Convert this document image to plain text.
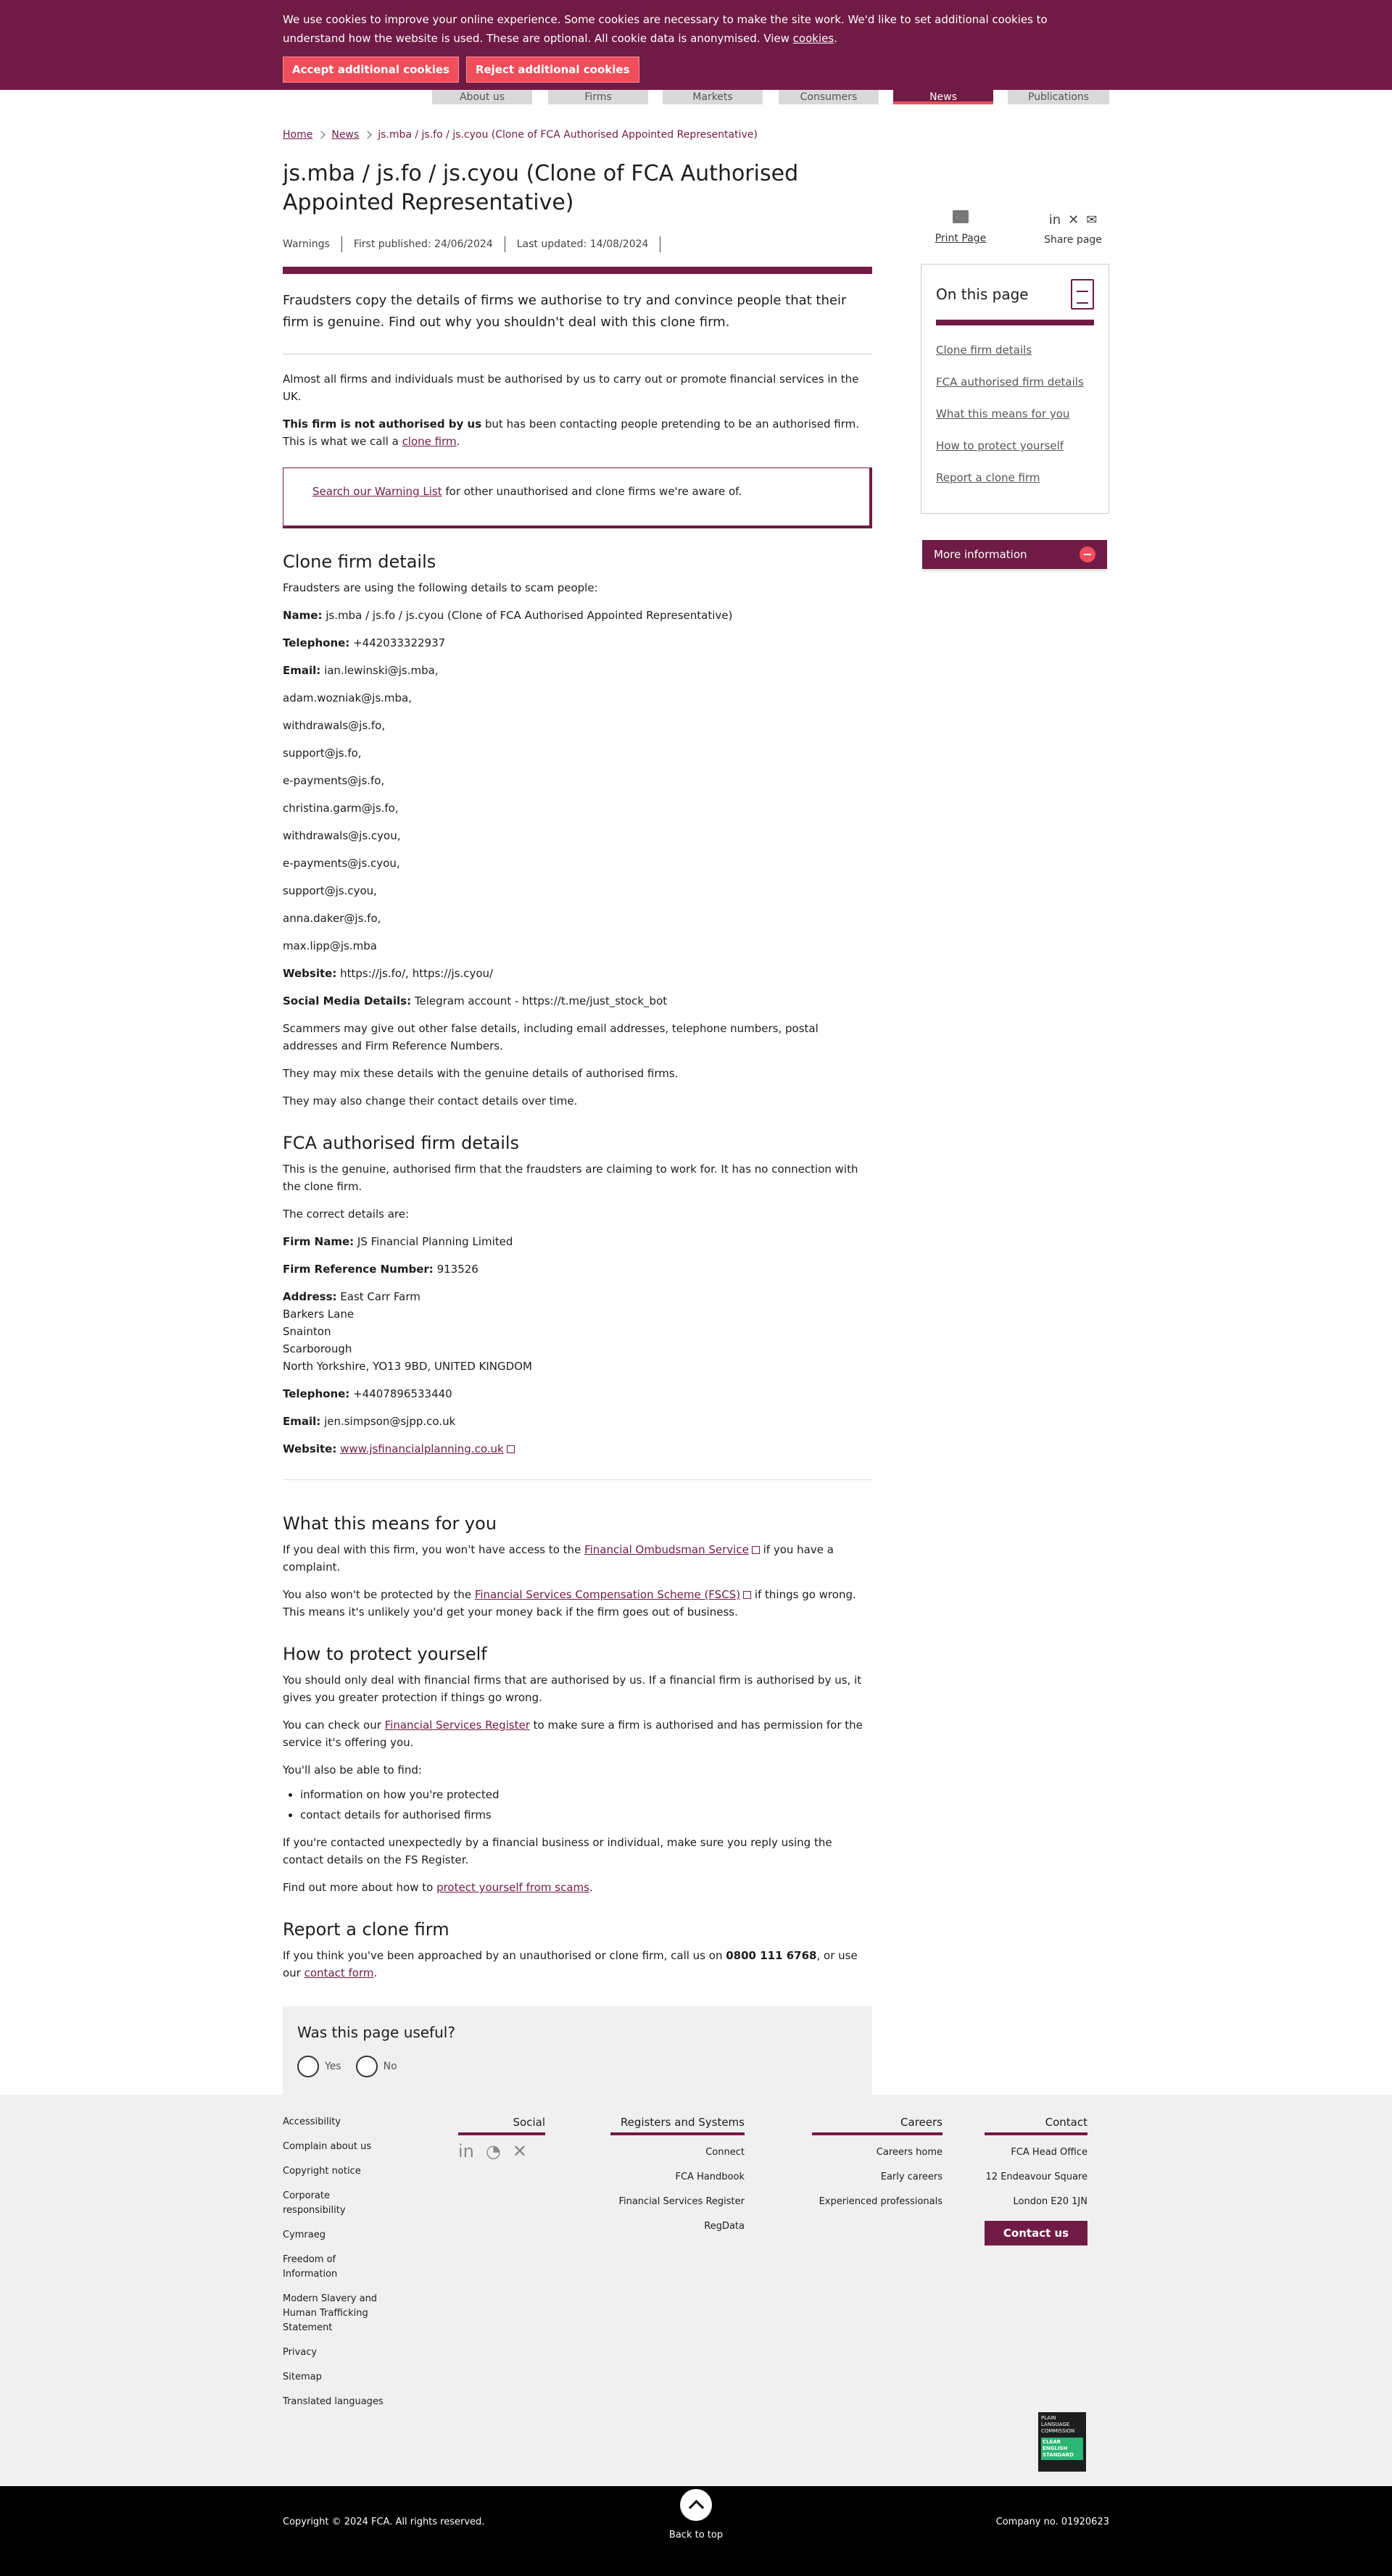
We use cookies to improve your online experience. Some cookies are necessary to make the site work. We'd like to set additional cookies to understand how the website is used. These are optional. All cookie data is anonymised. View cookies.

Accept additional cookies	Reject additional cookies
About us	Firms	Markets	Consumers	News	Publications
Home News js.mba / js.fo / js.cyou (Clone of FCA Authorised Appointed Representative)
js.mba / js.fo / js.cyou (Clone of FCA Authorised Appointed Representative)
Warnings	First published: 24/06/2024	Last updated: 14/08/2024
Fraudsters copy the details of firms we authorise to try and convince people that their firm is genuine. Find out why you shouldn't deal with this clone firm.

Almost all firms and individuals must be authorised by us to carry out or promote financial services in the UK.

This firm is not authorised by us but has been contacting people pretending to be an authorised firm. This is what we call a clone firm.

Search our Warning List for other unauthorised and clone firms we're aware of.

Clone firm details

Fraudsters are using the following details to scam people:

Name: js.mba / js.fo / js.cyou (Clone of FCA Authorised Appointed Representative)

Telephone: +442033322937

Email: ian.lewinski@js.mba,

adam.wozniak@js.mba,

withdrawals@js.fo,

support@js.fo,

e-payments@js.fo,

christina.garm@js.fo,

withdrawals@js.cyou,

e-payments@js.cyou,

support@js.cyou,

anna.daker@js.fo,

max.lipp@js.mba

Website: https://js.fo/, https://js.cyou/

Social Media Details: Telegram account - https://t.me/just_stock_bot

Scammers may give out other false details, including email addresses, telephone numbers, postal addresses and Firm Reference Numbers.

They may mix these details with the genuine details of authorised firms.

They may also change their contact details over time.

FCA authorised firm details

This is the genuine, authorised firm that the fraudsters are claiming to work for. It has no connection with the clone firm.

The correct details are:

Firm Name: JS Financial Planning Limited

Firm Reference Number: 913526

Address: East Carr Farm
Barkers Lane
Snainton
Scarborough
North Yorkshire, YO13 9BD, UNITED KINGDOM

Telephone: +4407896533440

Email: jen.simpson@sjpp.co.uk

Website: www.jsfinancialplanning.co.uk

What this means for you

If you deal with this firm, you won't have access to the Financial Ombudsman Service if you have a complaint.

You also won't be protected by the Financial Services Compensation Scheme (FSCS) if things go wrong. This means it's unlikely you'd get your money back if the firm goes out of business.

How to protect yourself

You should only deal with financial firms that are authorised by us. If a financial firm is authorised by us, it gives you greater protection if things go wrong.

You can check our Financial Services Register to make sure a firm is authorised and has permission for the service it's offering you.

You'll also be able to find:

• information on how you're protected
• contact details for authorised firms

If you're contacted unexpectedly by a financial business or individual, make sure you reply using the contact details on the FS Register.

Find out more about how to protect yourself from scams.

Report a clone firm

If you think you've been approached by an unauthorised or clone firm, call us on 0800 111 6768, or use our contact form.

Was this page useful?
Yes	No
Print Page
in ✕ ✉
Share page
On this page
Clone firm details
FCA authorised firm details
What this means for you
How to protect yourself
Report a clone firm
More information
Accessibility
Complain about us
Copyright notice
Corporate responsibility
Cymraeg
Freedom of Information
Modern Slavery and Human Trafficking Statement
Privacy
Sitemap
Translated languages
Social
in ◔ ✕
Registers and Systems
Connect
FCA Handbook
Financial Services Register
RegData
Careers
Careers home
Early careers
Experienced professionals
Contact
FCA Head Office
12 Endeavour Square
London E20 1JN
Contact us
PLAIN
LANGUAGE
COMMISSION
CLEAR ENGLISH STANDARD
Copyright © 2024 FCA. All rights reserved.
Back to top
Company no. 01920623
